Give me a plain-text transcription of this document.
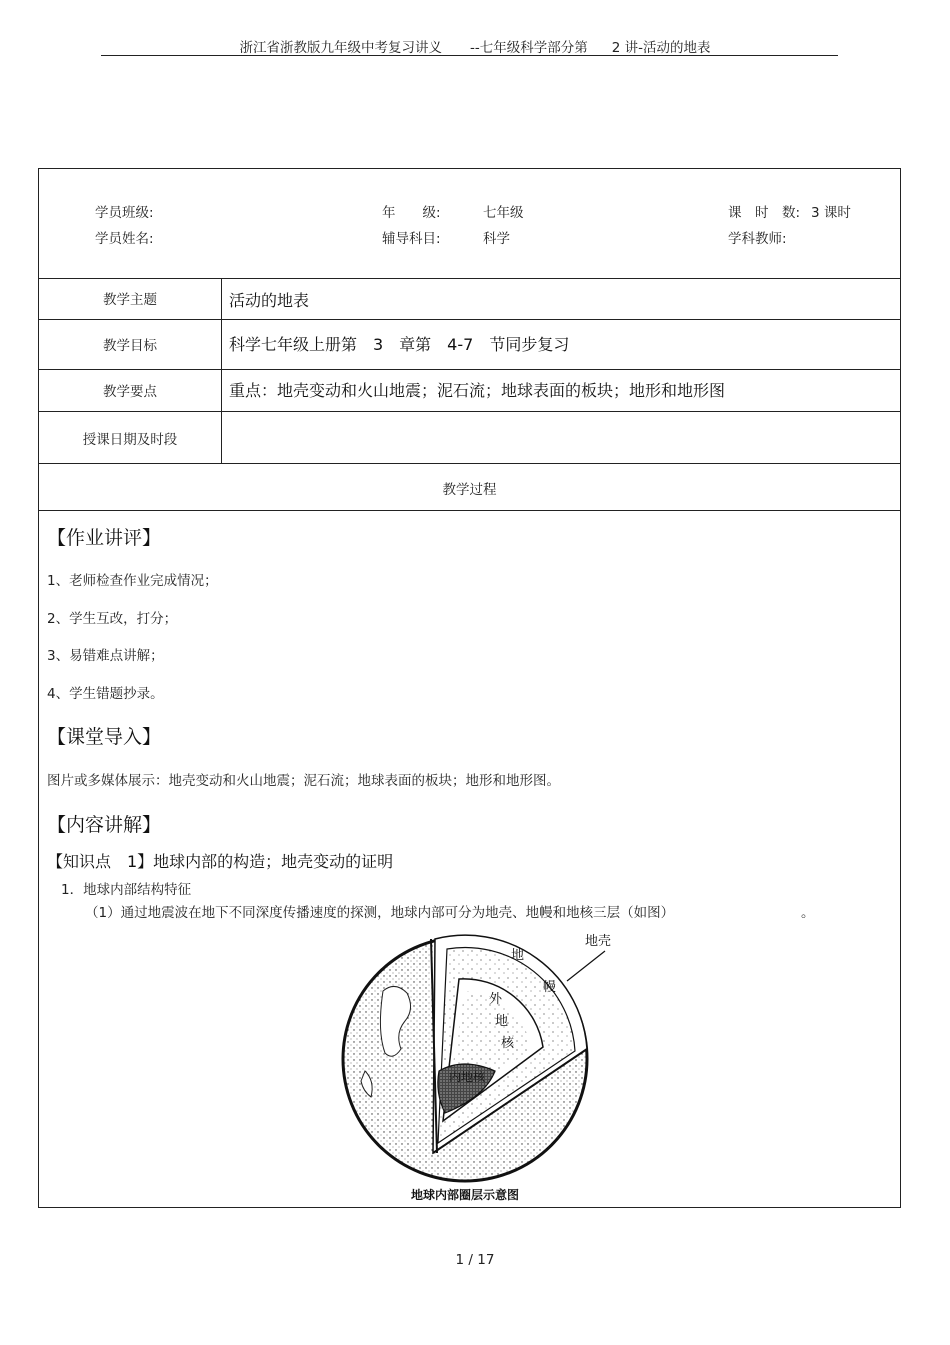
浙江省浙教版九年级中考复习讲义 --七年级科学部分第 2 讲-活动的地表
学员班级:	年　　级:	七年级	课　时　数: 3 课时
学员姓名:	辅导科目:	科学	学科教师:
教学主题	活动的地表
教学目标	科学七年级上册第　3　章第　4-7　节同步复习
教学要点	重点：地壳变动和火山地震；泥石流；地球表面的板块；地形和地形图
授课日期及时段
教学过程
【作业讲评】
1、老师检查作业完成情况；
2、学生互改，打分；
3、易错难点讲解；
4、学生错题抄录。
【课堂导入】
图片或多媒体展示：地壳变动和火山地震；泥石流；地球表面的板块；地形和地形图。
【内容讲解】
【知识点　1】地球内部的构造；地壳变动的证明
1．地球内部结构特征
（1）通过地震波在地下不同深度传播速度的探测，地球内部可分为地壳、地幔和地核三层（如图）	。
地壳
地
幔
外
地
核
内地核
地球内部圈层示意图
1 / 17
